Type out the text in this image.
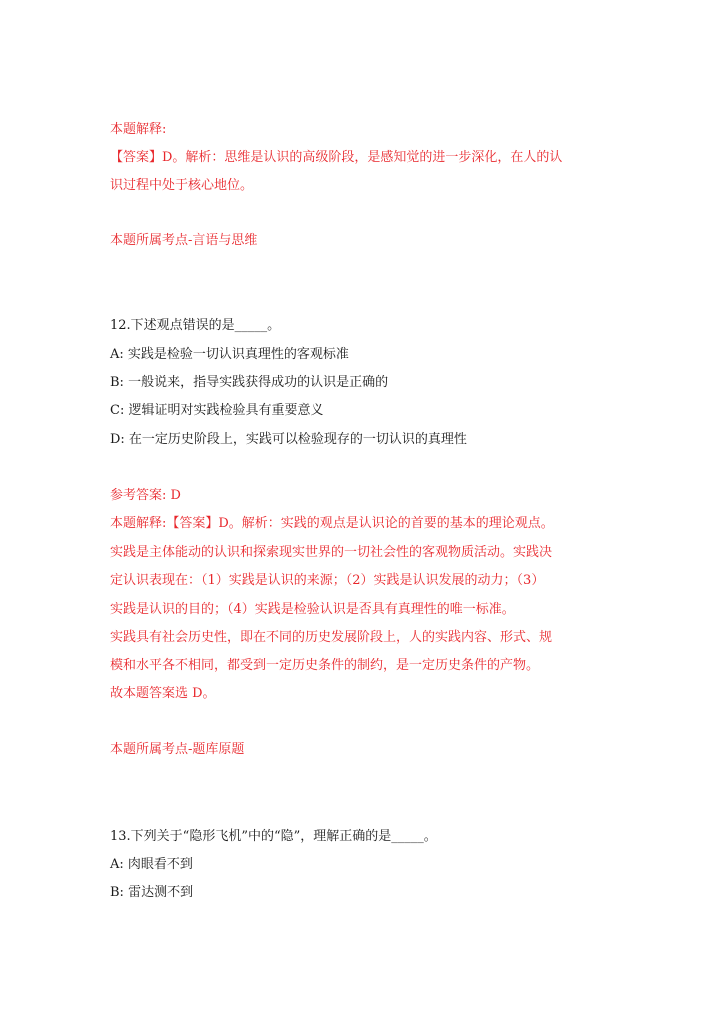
本题解释:
【答案】D。解析：思维是认识的高级阶段，是感知觉的进一步深化，在人的认
识过程中处于核心地位。
本题所属考点-言语与思维
12.下述观点错误的是_____。
A: 实践是检验一切认识真理性的客观标准
B: 一般说来，指导实践获得成功的认识是正确的
C: 逻辑证明对实践检验具有重要意义
D: 在一定历史阶段上，实践可以检验现存的一切认识的真理性
参考答案: D
本题解释:【答案】D。解析：实践的观点是认识论的首要的基本的理论观点。
实践是主体能动的认识和探索现实世界的一切社会性的客观物质活动。实践决
定认识表现在：（1）实践是认识的来源；（2）实践是认识发展的动力；（3）
实践是认识的目的；（4）实践是检验认识是否具有真理性的唯一标准。
实践具有社会历史性，即在不同的历史发展阶段上，人的实践内容、形式、规
模和水平各不相同，都受到一定历史条件的制约，是一定历史条件的产物。
故本题答案选 D。
本题所属考点-题库原题
13.下列关于“隐形飞机”中的“隐”，理解正确的是_____。
A: 肉眼看不到
B: 雷达测不到
